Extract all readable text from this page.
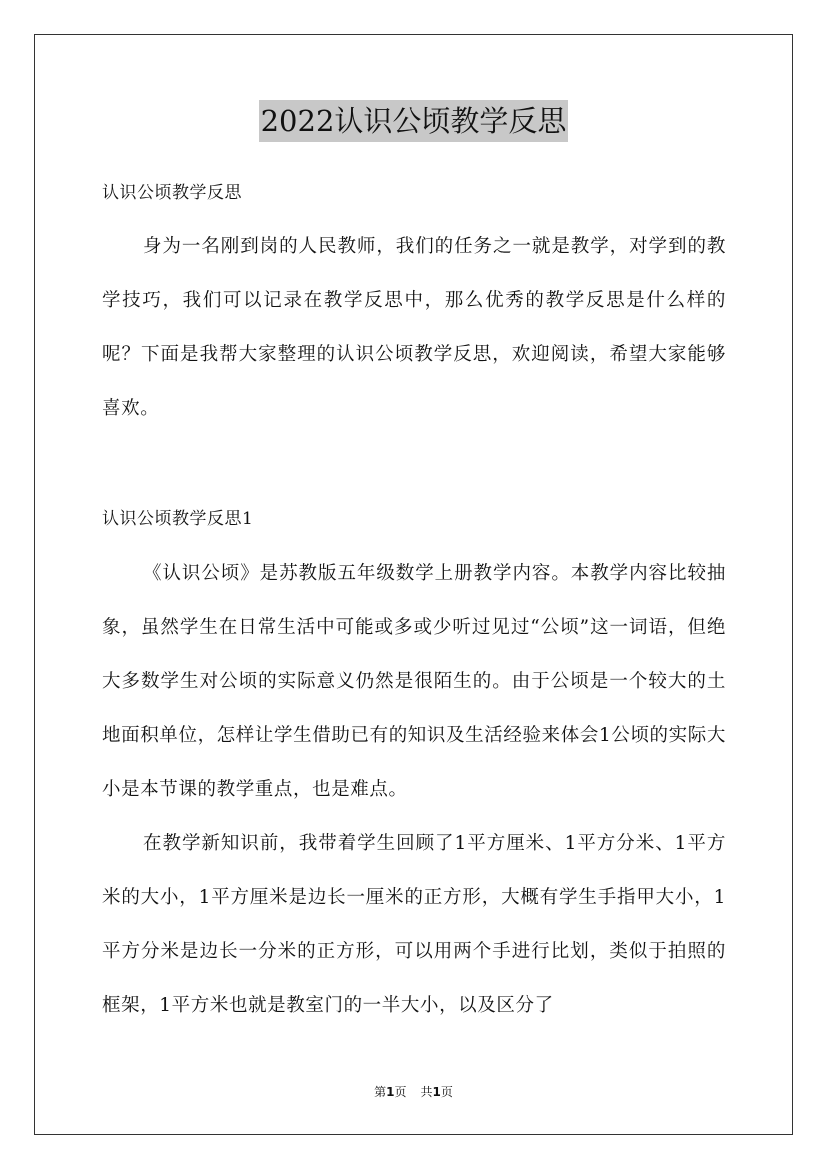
2022认识公顷教学反思
认识公顷教学反思

身为一名刚到岗的人民教师，我们的任务之一就是教学，对学到的教学技巧，我们可以记录在教学反思中，那么优秀的教学反思是什么样的呢？下面是我帮大家整理的认识公顷教学反思，欢迎阅读，希望大家能够喜欢。

认识公顷教学反思1

《认识公顷》是苏教版五年级数学上册教学内容。本教学内容比较抽象，虽然学生在日常生活中可能或多或少听过见过“公顷”这一词语，但绝大多数学生对公顷的实际意义仍然是很陌生的。由于公顷是一个较大的土地面积单位，怎样让学生借助已有的知识及生活经验来体会1公顷的实际大小是本节课的教学重点，也是难点。

在教学新知识前，我带着学生回顾了1平方厘米、1平方分米、1平方米的大小，1平方厘米是边长一厘米的正方形，大概有学生手指甲大小，1平方分米是边长一分米的正方形，可以用两个手进行比划，类似于拍照的框架，1平方米也就是教室门的一半大小，以及区分了

第1页 共1页
